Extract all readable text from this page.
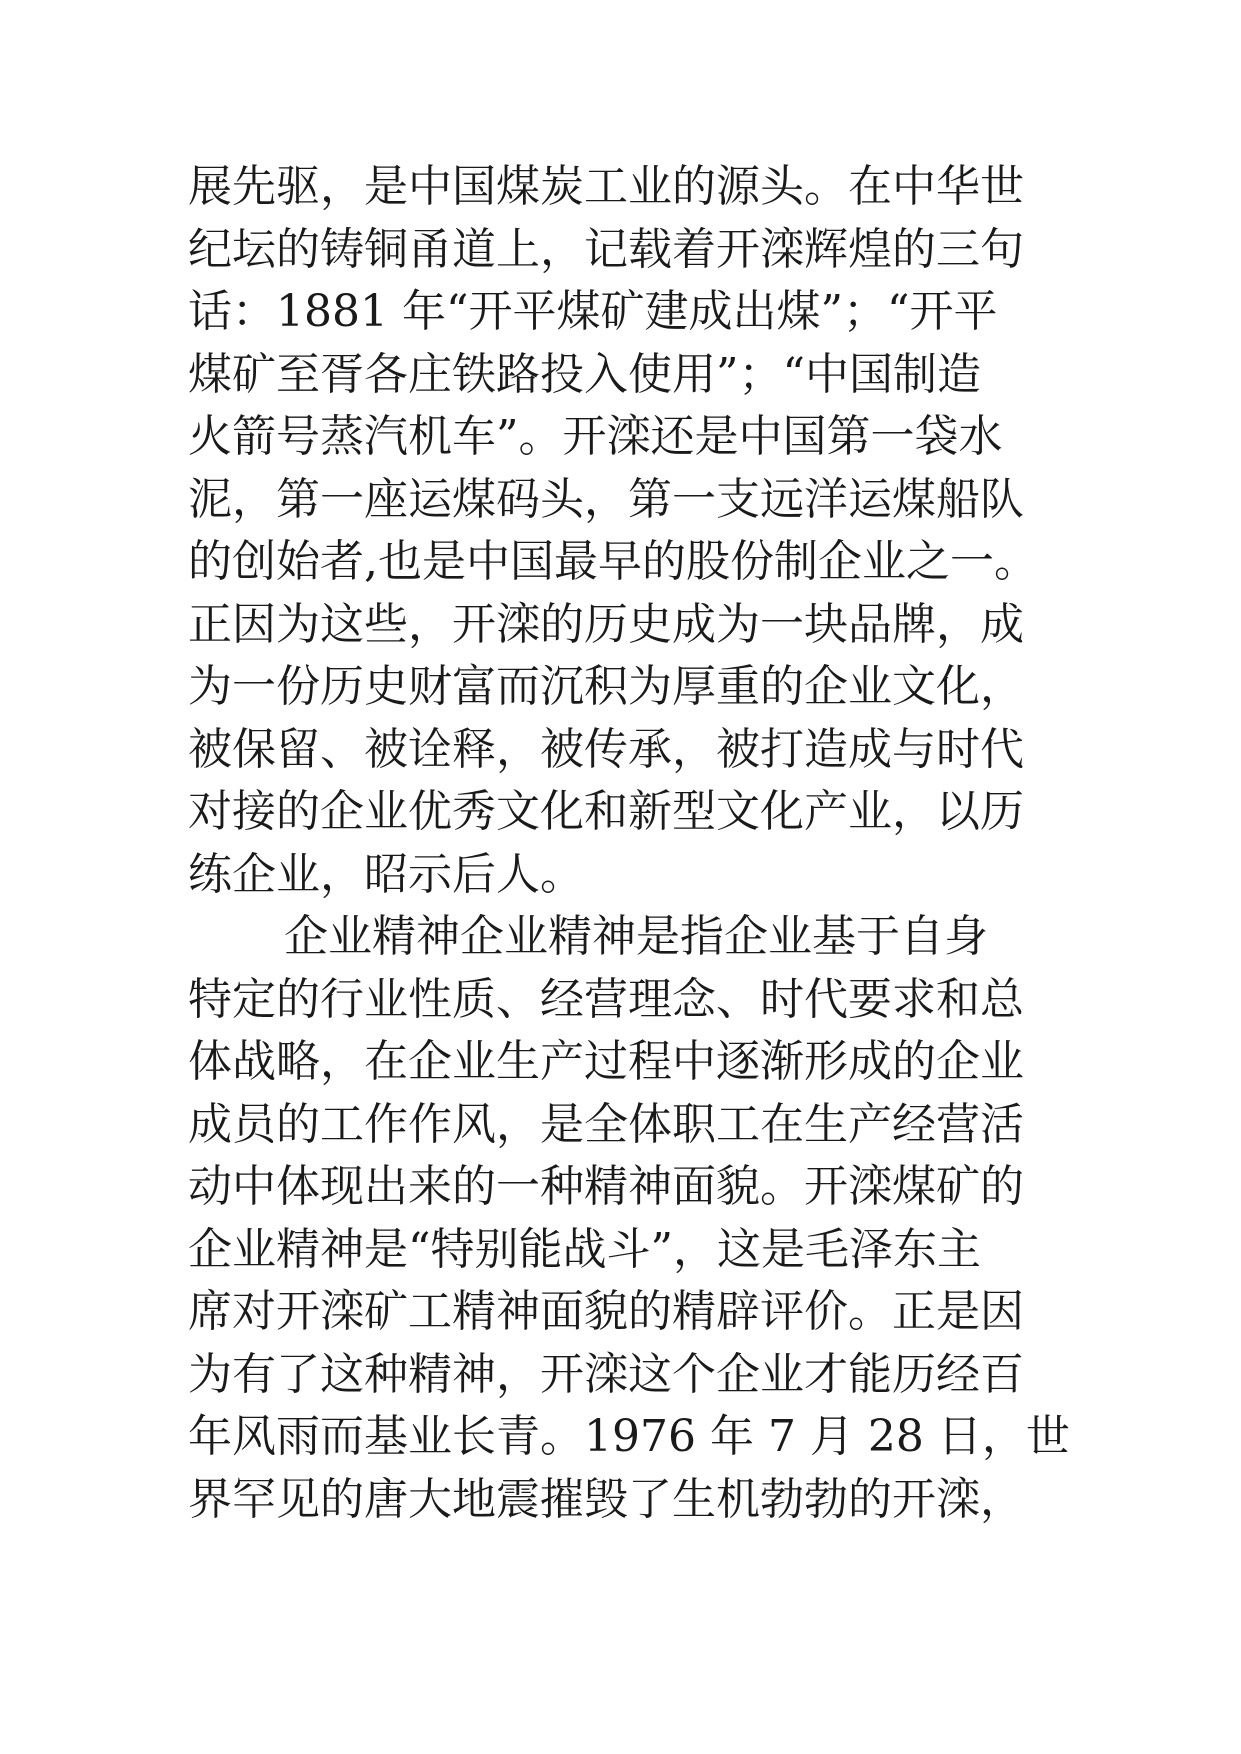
展先驱，是中国煤炭工业的源头。在中华世
纪坛的铸铜甬道上，记载着开滦辉煌的三句
话：1881 年“开平煤矿建成出煤”；“开平
煤矿至胥各庄铁路投入使用”；“中国制造
火箭号蒸汽机车”。开滦还是中国第一袋水
泥，第一座运煤码头，第一支远洋运煤船队
的创始者,也是中国最早的股份制企业之一。
正因为这些，开滦的历史成为一块品牌，成
为一份历史财富而沉积为厚重的企业文化，
被保留、被诠释，被传承，被打造成与时代
对接的企业优秀文化和新型文化产业，以历
练企业，昭示后人。
企业精神企业精神是指企业基于自身
特定的行业性质、经营理念、时代要求和总
体战略，在企业生产过程中逐渐形成的企业
成员的工作作风，是全体职工在生产经营活
动中体现出来的一种精神面貌。开滦煤矿的
企业精神是“特别能战斗”，这是毛泽东主
席对开滦矿工精神面貌的精辟评价。正是因
为有了这种精神，开滦这个企业才能历经百
年风雨而基业长青。1976 年 7 月 28 日，世
界罕见的唐大地震摧毁了生机勃勃的开滦，
